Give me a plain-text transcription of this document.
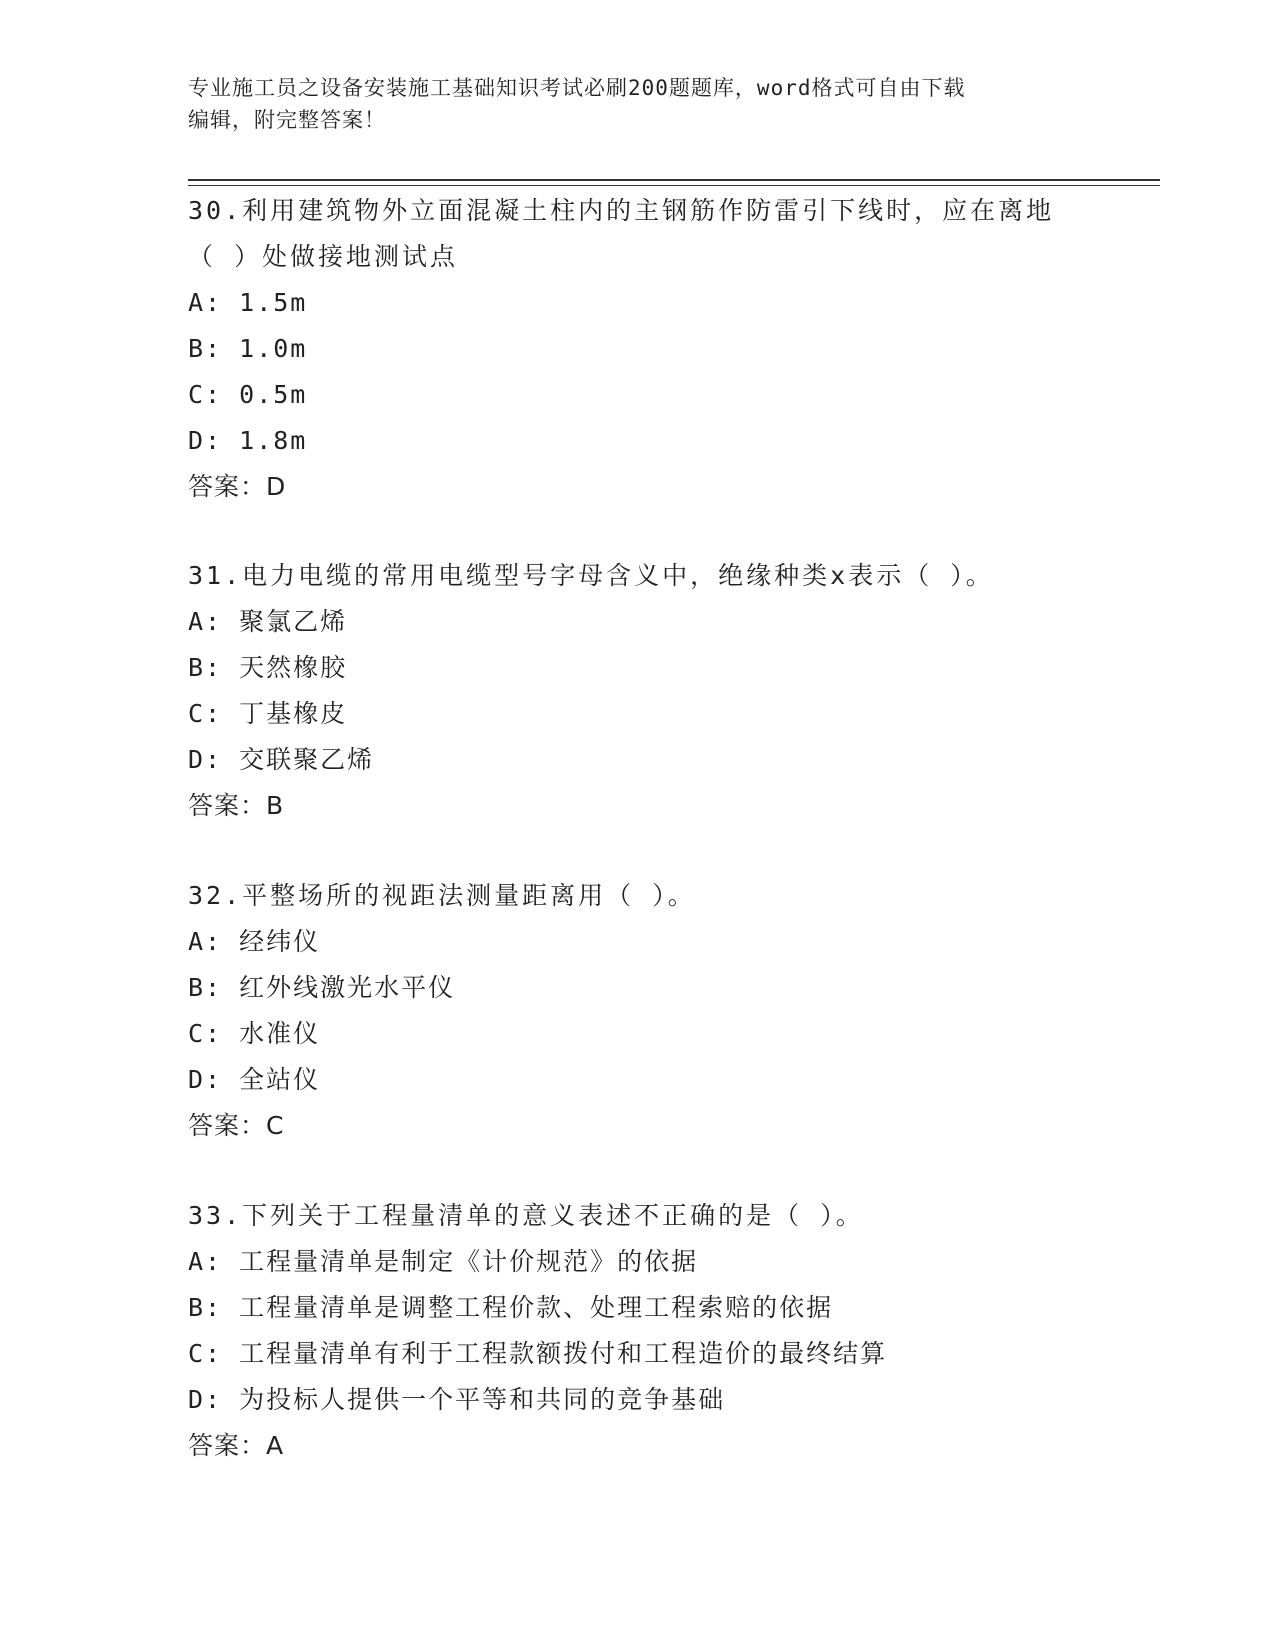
专业施工员之设备安装施工基础知识考试必刷200题题库，word格式可自由下载
编辑，附完整答案！

30.利用建筑物外立面混凝土柱内的主钢筋作防雷引下线时，应在离地

（ ）处做接地测试点

A: 1.5m

B: 1.0m

C: 0.5m

D: 1.8m

答案：D

31.电力电缆的常用电缆型号字母含义中，绝缘种类x表示（ ）。

A: 聚氯乙烯

B: 天然橡胶

C: 丁基橡皮

D: 交联聚乙烯

答案：B

32.平整场所的视距法测量距离用（ ）。

A: 经纬仪

B: 红外线激光水平仪

C: 水准仪

D: 全站仪

答案：C

33.下列关于工程量清单的意义表述不正确的是（ ）。

A: 工程量清单是制定《计价规范》的依据

B: 工程量清单是调整工程价款、处理工程索赔的依据

C: 工程量清单有利于工程款额拨付和工程造价的最终结算

D: 为投标人提供一个平等和共同的竞争基础

答案：A
